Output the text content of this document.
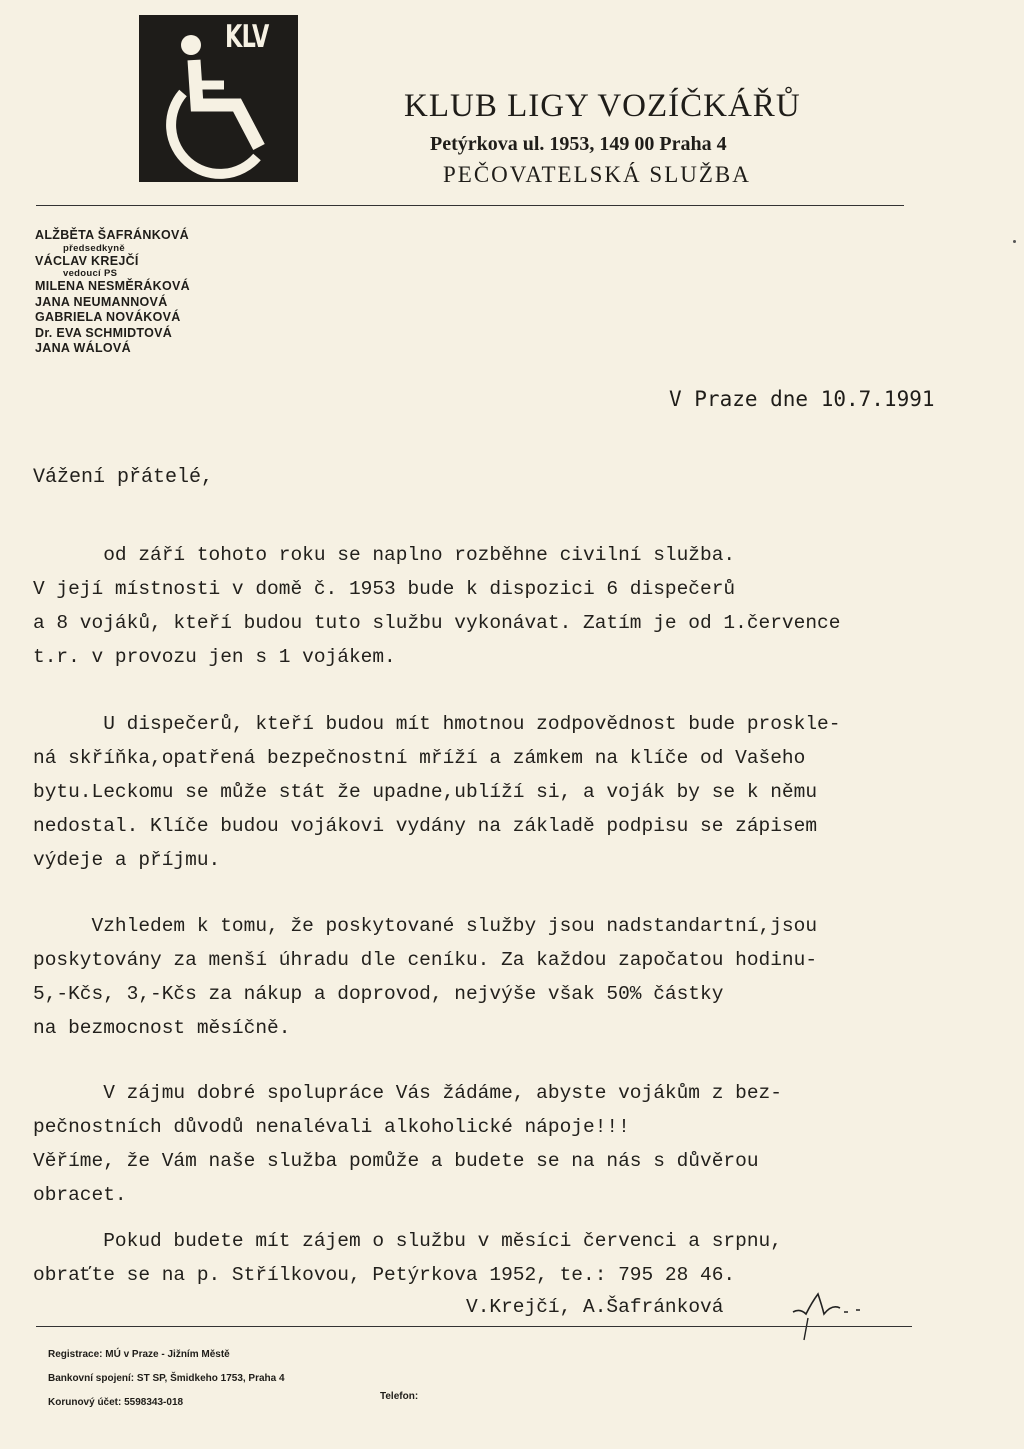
KLV
KLUB LIGY VOZÍČKÁŘŮ
Petýrkova ul. 1953, 149 00 Praha 4
PEČOVATELSKÁ SLUŽBA
ALŽBĚTA ŠAFRÁNKOVÁ
předsedkyně
VÁCLAV KREJČÍ
vedoucí PS
MILENA NESMĚRÁKOVÁ
JANA NEUMANNOVÁ
GABRIELA NOVÁKOVÁ
Dr. EVA SCHMIDTOVÁ
JANA WÁLOVÁ
V Praze dne 10.7.1991
Vážení přátelé,
od září tohoto roku se naplno rozběhne civilní služba.
V její místnosti v domě č. 1953 bude k dispozici 6 dispečerů
a 8 vojáků, kteří budou tuto službu vykonávat. Zatím je od 1.července
t.r. v provozu jen s 1 vojákem.
U dispečerů, kteří budou mít hmotnou zodpovědnost bude proskle-
ná skříňka,opatřená bezpečnostní mříží a zámkem na klíče od Vašeho
bytu.Leckomu se může stát že upadne,ublíží si, a voják by se k němu
nedostal. Klíče budou vojákovi vydány na základě podpisu se zápisem
výdeje a příjmu.
Vzhledem k tomu, že poskytované služby jsou nadstandartní,jsou
poskytovány za menší úhradu dle ceníku. Za každou započatou hodinu-
5,-Kčs, 3,-Kčs za nákup a doprovod, nejvýše však 50% částky
na bezmocnost měsíčně.
V zájmu dobré spolupráce Vás žádáme, abyste vojákům z bez-
pečnostních důvodů nenalévali alkoholické nápoje!!!
Věříme, že Vám naše služba pomůže a budete se na nás s důvěrou
obracet.
Pokud budete mít zájem o službu v měsíci červenci a srpnu,
obraťte se na p. Střílkovou, Petýrkova 1952, te.: 795 28 46.
V.Krejčí, A.Šafránková
Registrace: MÚ v Praze - Jižním Městě
Bankovní spojení: ST SP, Šmidkeho 1753, Praha 4
Korunový účet: 5598343-018
Telefon:
